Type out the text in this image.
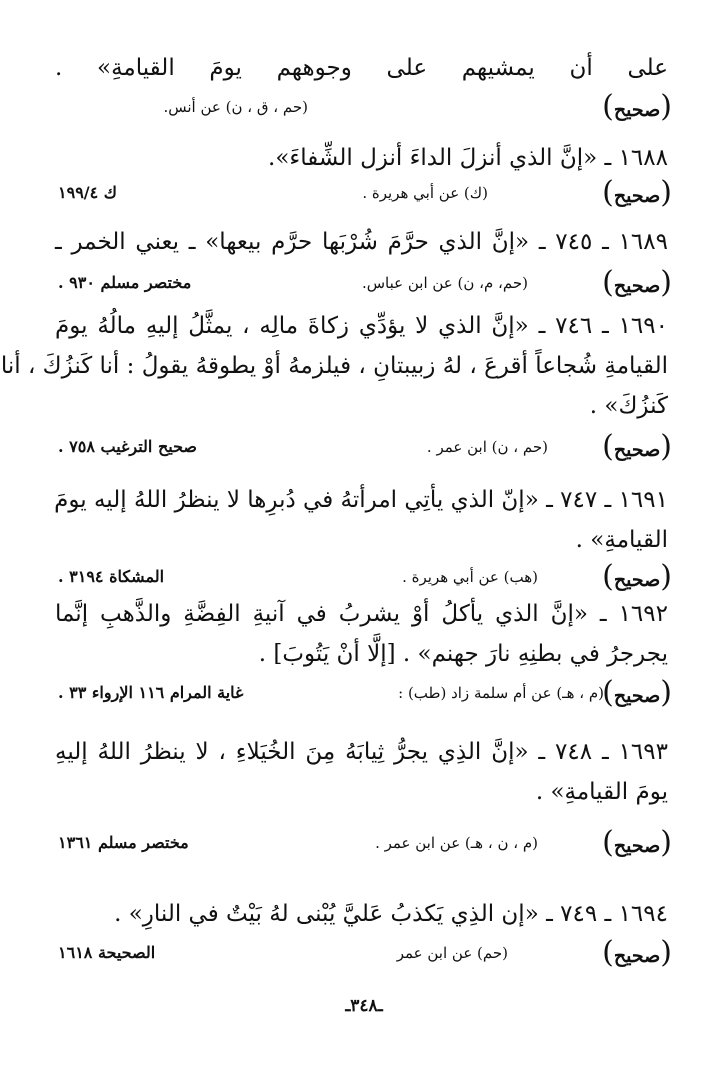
على أن يمشيهم على وجوههم يومَ القيامةِ» .
(صحيح)
(حم ، ق ، ن) عن أنس.
١٦٨٨ ـ «إنَّ الذي أنزلَ الداءَ أنزل الشِّفاءَ».
(صحيح)
(ك) عن أبي هريرة .
ك ١٩٩/٤
١٦٨٩ ـ ٧٤٥ ـ «إنَّ الذي حرَّمَ شُرْبَها حرَّم بيعها» ـ يعني الخمر ـ
(صحيح)
(حم، م، ن) عن ابن عباس.
مختصر مسلم ٩٣٠ .
١٦٩٠ ـ ٧٤٦ ـ «إنَّ الذي لا يؤدِّي زكاةَ مالِه ، يمثَّلُ إليهِ مالُهُ يومَ
القيامةِ شُجاعاً أقرعَ ، لهُ زبيبتانِ ، فيلزمهُ أوْ يطوقهُ يقولُ : أنا كَنزُكَ ، أنا
كَنزُكَ» .
(صحيح)
(حم ، ن) ابن عمر .
صحيح الترغيب ٧٥٨ .
١٦٩١ ـ ٧٤٧ ـ «إنّ الذي يأتِي امرأتهُ في دُبرِها لا ينظرُ اللهُ إليه يومَ
القيامةِ» .
(صحيح)
(هب) عن أبي هريرة .
المشكاة ٣١٩٤ .
١٦٩٢ ـ «إنَّ الذي يأكلُ أوْ يشربُ في آنيةِ الفِضَّةِ والذَّهبِ إنَّما
يجرجرُ في بطنِهِ نارَ جهنم» . [إلَّا أنْ يَتُوبَ] .
(صحيح)
(م ، هـ) عن أم سلمة زاد (طب) :
غاية المرام ١١٦ الإرواء ٣٣ .
١٦٩٣ ـ ٧٤٨ ـ «إنَّ الذِي يجرُّ ثِيابَهُ مِنَ الخُيَلاءِ ، لا ينظرُ اللهُ إليهِ
يومَ القيامةِ» .
(صحيح)
(م ، ن ، هـ) عن ابن عمر .
مختصر مسلم ١٣٦١
١٦٩٤ ـ ٧٤٩ ـ «إن الذِي يَكذبُ عَليَّ يُبْنى لهُ بَيْتٌ في النارِ» .
(صحيح)
(حم) عن ابن عمر
الصحيحة ١٦١٨
ـ٣٤٨ـ
